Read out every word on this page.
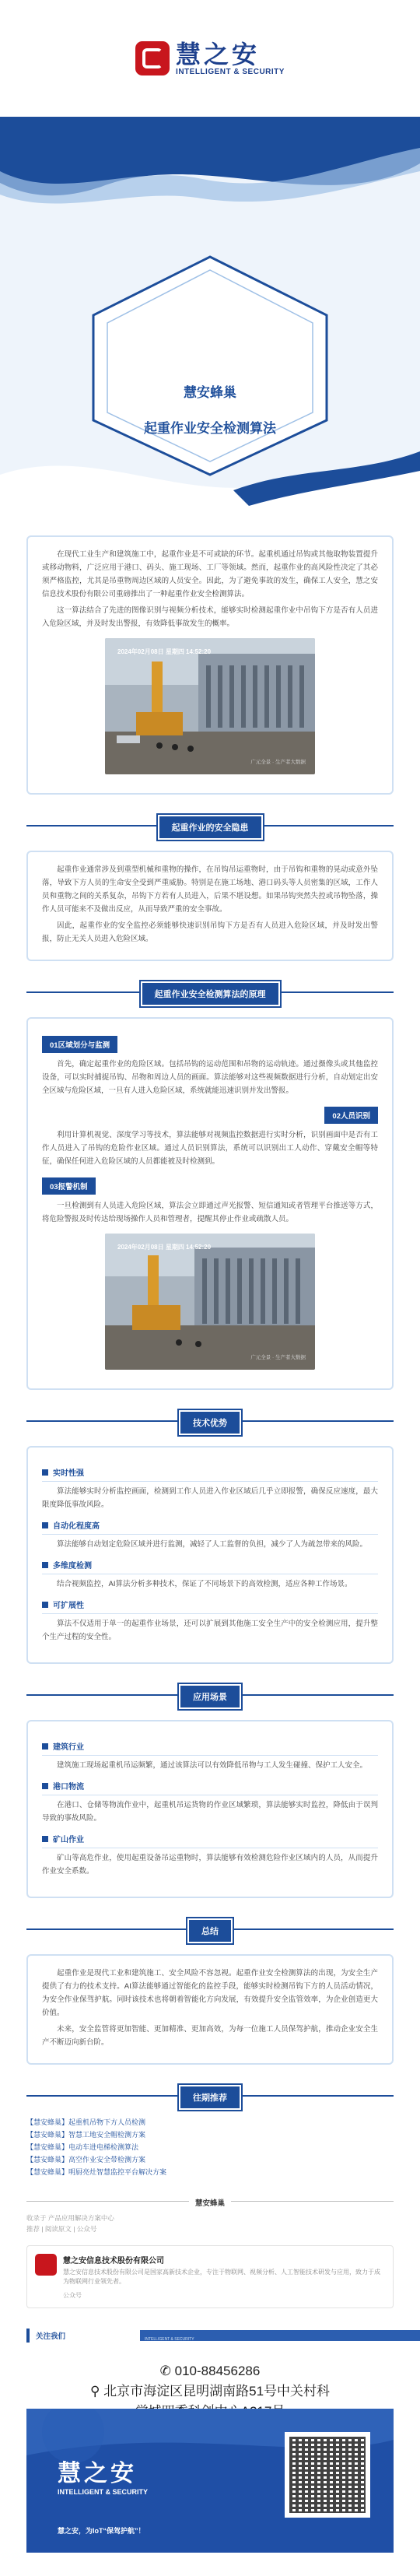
慧之安
INTELLIGENT & SECURITY
慧安蜂巢
起重作业安全检测算法

在现代工业生产和建筑施工中，起重作业是不可或缺的环节。起重机通过吊钩或其他取物装置提升或移动物料，广泛应用于港口、码头、施工现场、工厂等领域。然而，起重作业的高风险性决定了其必须严格监控，尤其是吊重物周边区域的人员安全。因此，为了避免事故的发生，确保工人安全，慧之安信息技术股份有限公司重磅推出了一种起重作业安全检测算法。

这一算法结合了先进的图像识别与视频分析技术，能够实时检测起重作业中吊钩下方是否有人员进入危险区域，并及时发出警报，有效降低事故发生的概率。

2024年02月08日 星期四 14:52:20
广元全景 · 生产者大数据
起重作业的安全隐患

起重作业通常涉及到重型机械和重物的操作，在吊钩吊运重物时，由于吊钩和重物的晃动或意外坠落，导致下方人员的生命安全受到严重威胁。特别是在施工场地、港口码头等人员密集的区域，工作人员和重物之间的关系复杂，吊钩下方若有人员进入，后果不堪设想。如果吊钩突然失控或吊物坠落，操作人员可能来不及做出反应，从而导致严重的安全事故。

因此，起重作业的安全监控必须能够快速识别吊钩下方是否有人员进入危险区域，并及时发出警报，防止无关人员进入危险区域。

起重作业安全检测算法的原理
01区域划分与监测

首先，确定起重作业的危险区域。包括吊钩的运动范围和吊物的运动轨迹。通过摄像头或其他监控设备，可以实时捕捉吊钩、吊物和周边人员的画面。算法能够对这些视频数据进行分析，自动划定出安全区域与危险区域，一旦有人进入危险区域，系统就能迅速识别并发出警报。

02人员识别

利用计算机视觉、深度学习等技术，算法能够对视频监控数据进行实时分析，识别画面中是否有工作人员进入了吊钩的危险作业区域。通过人员识别算法，系统可以识别出工人动作、穿戴安全帽等特征，确保任何进入危险区域的人员都能被及时检测到。

03报警机制

一旦检测到有人员进入危险区域，算法会立即通过声光报警、短信通知或者管理平台推送等方式，将危险警报及时传达给现场操作人员和管理者，提醒其停止作业或疏散人员。

2024年02月08日 星期四 14:52:20
广元全景 · 生产者大数据
技术优势
实时性强

算法能够实时分析监控画面，检测到工作人员进入作业区域后几乎立即报警，确保反应速度，最大限度降低事故风险。

自动化程度高

算法能够自动划定危险区域并进行监测，减轻了人工监督的负担，减少了人为疏忽带来的风险。

多维度检测

结合视频监控，AI算法分析多种技术，保证了不同场景下的高效检测，适应各种工作场景。

可扩展性

算法不仅适用于单一的起重作业场景，还可以扩展到其他施工安全生产中的安全检测应用，提升整个生产过程的安全性。

应用场景
建筑行业

建筑施工现场起重机吊运频繁，通过该算法可以有效降低吊物与工人发生碰撞、保护工人安全。

港口物流

在港口、仓储等物流作业中，起重机吊运货物的作业区域繁琐，算法能够实时监控，降低由于误判导致的事故风险。

矿山作业

矿山等高危作业，使用起重设备吊运重物时，算法能够有效检测危险作业区域内的人员，从而提升作业安全系数。

总结

起重作业是现代工业和建筑施工、安全风险不容忽视。起重作业安全检测算法的出现，为安全生产提供了有力的技术支持。AI算法能够通过智能化的监控手段，能够实时检测吊钩下方的人员活动情况，为安全作业保驾护航。同时该技术也将朝着智能化方向发展，有效提升安全监管效率，为企业创造更大价值。

未来，安全监管将更加智能、更加精准、更加高效，为每一位施工人员保驾护航，推动企业安全生产不断迈向新台阶。

往期推荐
【慧安蜂巢】起重机吊物下方人员检测
【慧安蜂巢】智慧工地安全帽检测方案
【慧安蜂巢】电动车进电梯检测算法
【慧安蜂巢】高空作业安全带检测方案
【慧安蜂巢】明厨亮灶智慧监控平台解决方案
慧安蜂巢
收录于 产品应用解决方案中心
推荐 | 阅读原文 | 公众号
慧之安信息技术股份有限公司
慧之安信息技术股份有限公司是国家高新技术企业，专注于物联网、视频分析、人工智能技术研发与应用，致力于成为物联网行业领先者。
公众号
关注我们	INTELLIGENT & SECURITY
✆ 010-88456286
⚲ 北京市海淀区昆明湖南路51号中关村科
慧之安
INTELLIGENT & SECURITY
慧之安，为IoT“保驾护航”！
